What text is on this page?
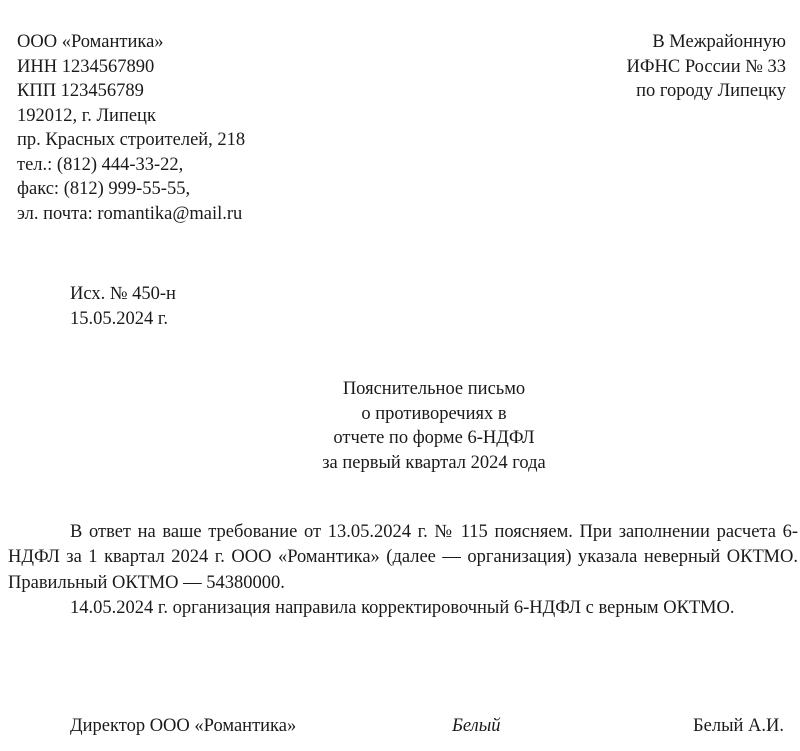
ООО «Романтика»
ИНН 1234567890
КПП 123456789
192012, г. Липецк
пр. Красных строителей, 218
тел.: (812) 444-33-22,
факс: (812) 999-55-55,
эл. почта: romantika@mail.ru
В Межрайонную
ИФНС России № 33
по городу Липецку
Исх. № 450-н
15.05.2024 г.
Пояснительное письмо
о противоречиях в
отчете по форме 6-НДФЛ
за первый квартал 2024 года

В ответ на ваше требование от 13.05.2024 г. № 115 поясняем. При заполнении расчета 6-НДФЛ за 1 квартал 2024 г. ООО «Романтика» (далее — организация) указала неверный ОКТМО. Правильный ОКТМО — 54380000.

14.05.2024 г. организация направила корректировочный 6-НДФЛ с верным ОКТМО.

Директор ООО «Романтика»	Белый	Белый А.И.
